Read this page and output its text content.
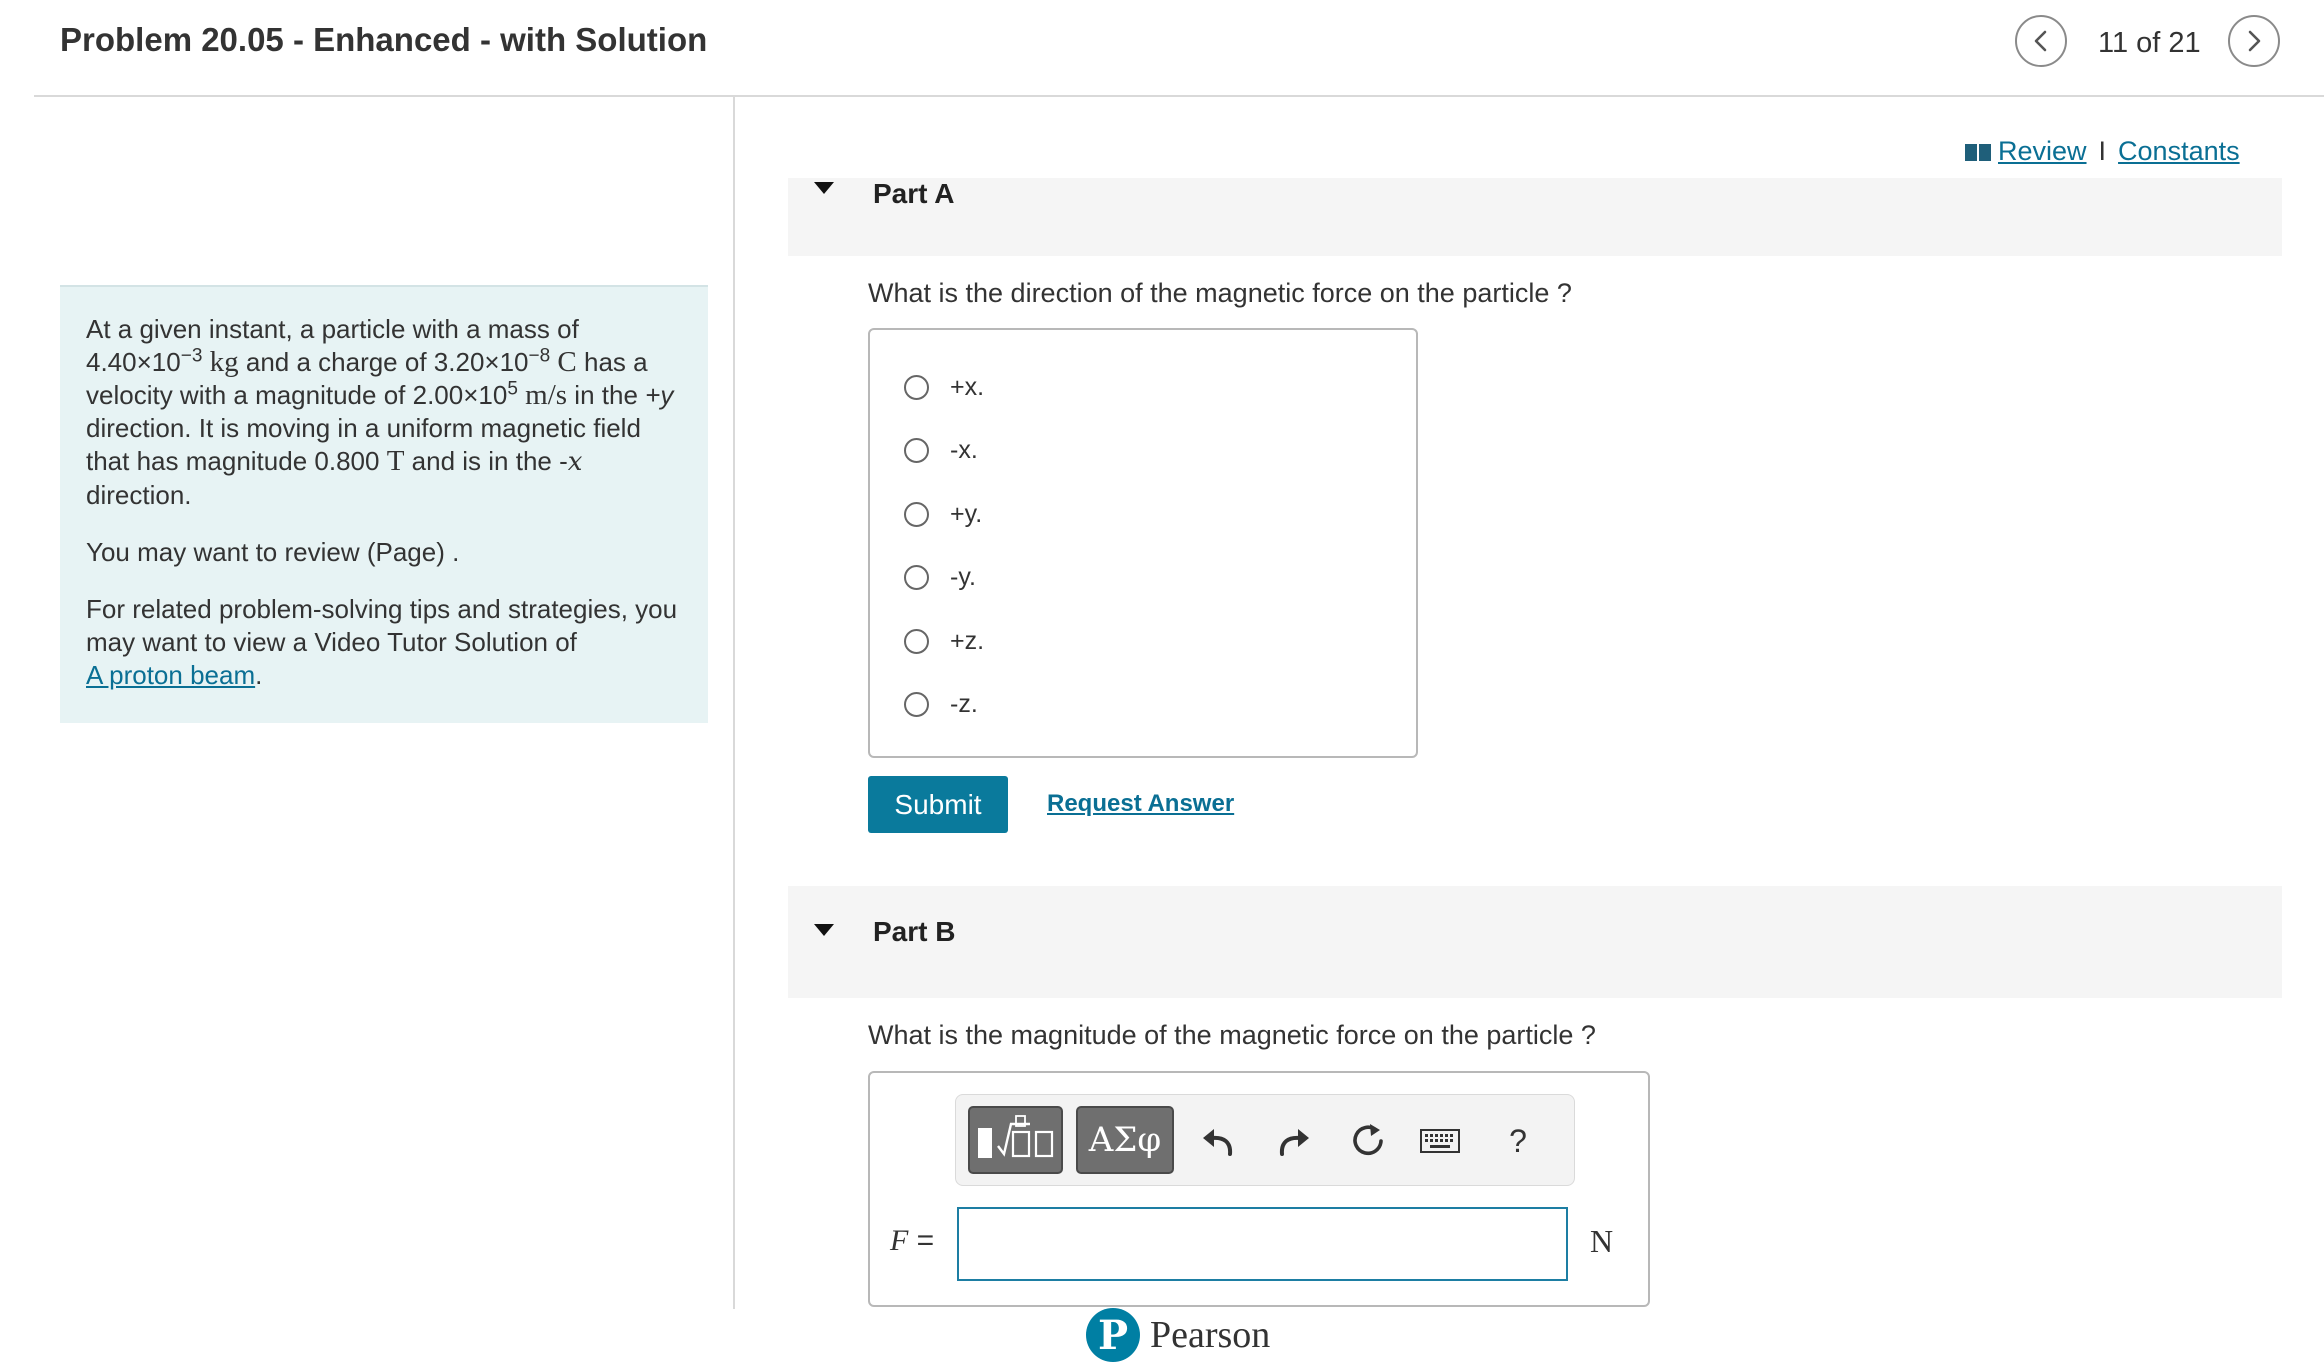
Problem 20.05 - Enhanced - with Solution	11 of 21

At a given instant, a particle with a mass of $4.40\times 10^{-3}$ kg and a charge of $3.20\times 10^{-8}$ C has a velocity with a magnitude of $2.00\times 10^5$ m/s in the +y direction. It is moving in a uniform magnetic field that has magnitude 0.800 T and is in the -x direction.

You may want to review (Page) .

For related problem-solving tips and strategies, you may want to view a Video Tutor Solution of
A proton beam.

Review I Constants
Part A
What is the direction of the magnetic force on the particle ?
+x.
-x.
+y.
-y.
+z.
-z.
Submit	Request Answer
Part B
What is the magnitude of the magnetic force on the particle ?
ΑΣφ	?
F =	N
P Pearson
